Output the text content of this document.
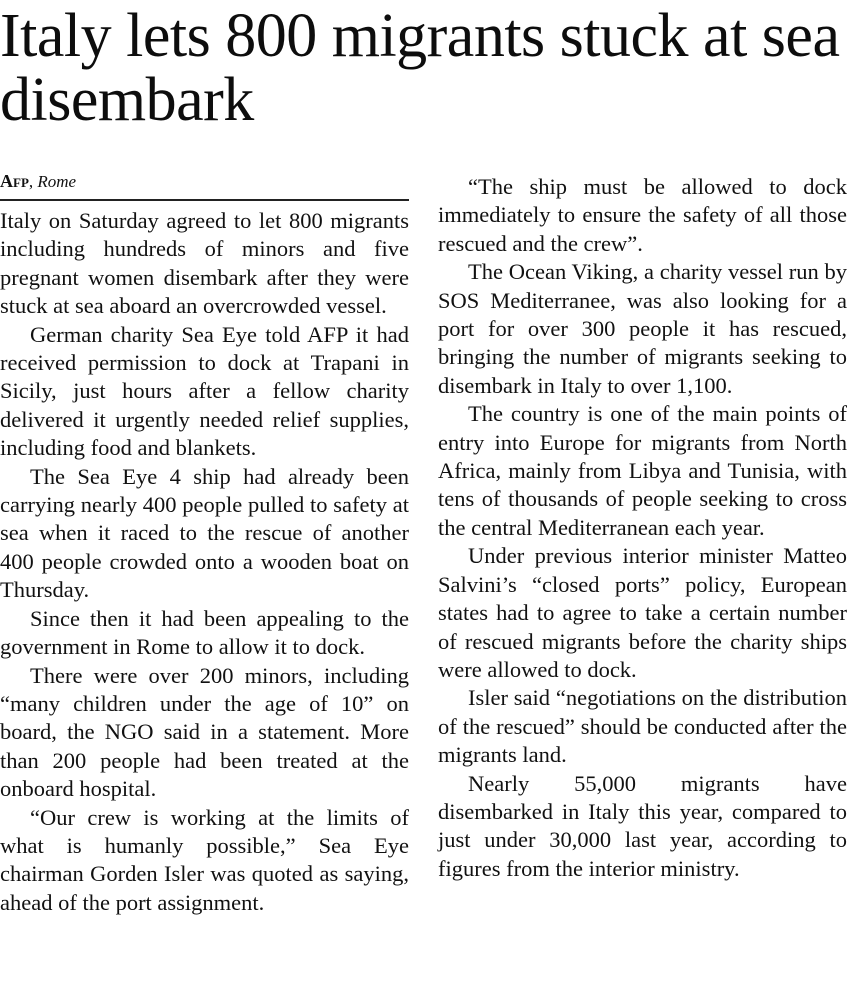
Italy lets 800 migrants stuck at sea disembark
Afp, Rome

Italy on Saturday agreed to let 800 migrants including hundreds of minors and five pregnant women disembark after they were stuck at sea aboard an overcrowded vessel.

German charity Sea Eye told AFP it had received permission to dock at Trapani in Sicily, just hours after a fellow charity delivered it urgently needed relief supplies, including food and blankets.

The Sea Eye 4 ship had already been carrying nearly 400 people pulled to safety at sea when it raced to the rescue of another 400 people crowded onto a wooden boat on Thursday.

Since then it had been appealing to the government in Rome to allow it to dock.

There were over 200 minors, including “many children under the age of 10” on board, the NGO said in a statement. More than 200 people had been treated at the onboard hospital.

“Our crew is working at the limits of what is humanly possible,” Sea Eye chairman Gorden Isler was quoted as saying, ahead of the port assignment.

“The ship must be allowed to dock immediately to ensure the safety of all those rescued and the crew”.

The Ocean Viking, a charity vessel run by SOS Mediterranee, was also looking for a port for over 300 people it has rescued, bringing the number of migrants seeking to disembark in Italy to over 1,100.

The country is one of the main points of entry into Europe for migrants from North Africa, mainly from Libya and Tunisia, with tens of thousands of people seeking to cross the central Mediterranean each year.

Under previous interior minister Matteo Salvini’s “closed ports” policy, European states had to agree to take a certain number of rescued migrants before the charity ships were allowed to dock.

Isler said “negotiations on the distribution of the rescued” should be conducted after the migrants land.

Nearly 55,000 migrants have disembarked in Italy this year, compared to just under 30,000 last year, according to figures from the interior ministry.
